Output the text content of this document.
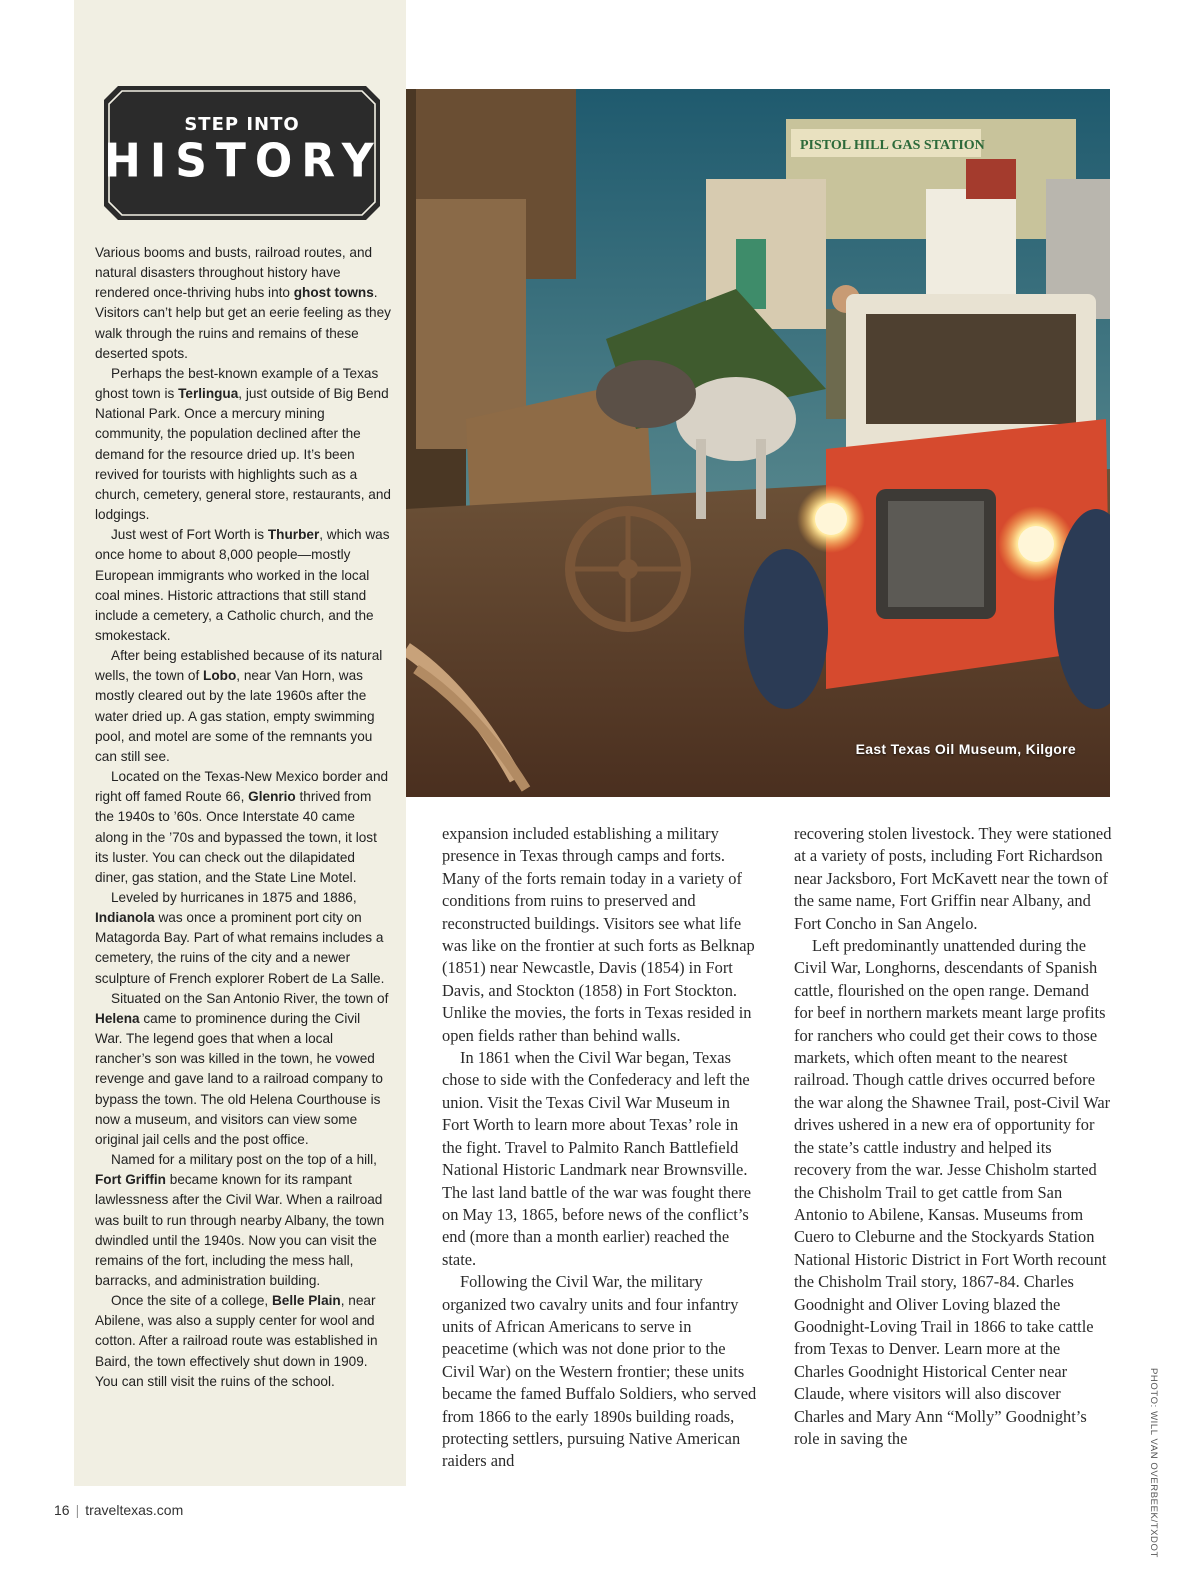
STEP INTO
HISTORY

Various booms and busts, railroad routes, and natural disasters throughout history have rendered once-thriving hubs into ghost towns. Visitors can’t help but get an eerie feeling as they walk through the ruins and remains of these deserted spots.

Perhaps the best-known example of a Texas ghost town is Terlingua, just outside of Big Bend National Park. Once a mercury mining community, the population declined after the demand for the resource dried up. It’s been revived for tourists with highlights such as a church, cemetery, general store, restaurants, and lodgings.

Just west of Fort Worth is Thurber, which was once home to about 8,000 people—mostly European immigrants who worked in the local coal mines. Historic attractions that still stand include a cemetery, a Catholic church, and the smokestack.

After being established because of its natural wells, the town of Lobo, near Van Horn, was mostly cleared out by the late 1960s after the water dried up. A gas station, empty swimming pool, and motel are some of the remnants you can still see.

Located on the Texas-New Mexico border and right off famed Route 66, Glenrio thrived from the 1940s to ’60s. Once Interstate 40 came along in the ’70s and bypassed the town, it lost its luster. You can check out the dilapidated diner, gas station, and the State Line Motel.

Leveled by hurricanes in 1875 and 1886, Indianola was once a prominent port city on Matagorda Bay. Part of what remains includes a cemetery, the ruins of the city and a newer sculpture of French explorer Robert de La Salle.

Situated on the San Antonio River, the town of Helena came to prominence during the Civil War. The legend goes that when a local rancher’s son was killed in the town, he vowed revenge and gave land to a railroad company to bypass the town. The old Helena Courthouse is now a museum, and visitors can view some original jail cells and the post office.

Named for a military post on the top of a hill, Fort Griffin became known for its rampant lawlessness after the Civil War. When a railroad was built to run through nearby Albany, the town dwindled until the 1940s. Now you can visit the remains of the fort, including the mess hall, barracks, and administration building.

Once the site of a college, Belle Plain, near Abilene, was also a supply center for wool and cotton. After a railroad route was established in Baird, the town effectively shut down in 1909. You can still visit the ruins of the school.

PISTOL HILL GAS STATION
East Texas Oil Museum, Kilgore

expansion included establishing a military presence in Texas through camps and forts. Many of the forts remain today in a variety of conditions from ruins to preserved and reconstructed buildings. Visitors see what life was like on the frontier at such forts as Belknap (1851) near Newcastle, Davis (1854) in Fort Davis, and Stockton (1858) in Fort Stockton. Unlike the movies, the forts in Texas resided in open fields rather than behind walls.

In 1861 when the Civil War began, Texas chose to side with the Confederacy and left the union. Visit the Texas Civil War Museum in Fort Worth to learn more about Texas’ role in the fight. Travel to Palmito Ranch Battlefield National Historic Landmark near Brownsville. The last land battle of the war was fought there on May 13, 1865, before news of the conflict’s end (more than a month earlier) reached the state.

Following the Civil War, the military organized two cavalry units and four infantry units of African Americans to serve in peacetime (which was not done prior to the Civil War) on the Western frontier; these units became the famed Buffalo Soldiers, who served from 1866 to the early 1890s building roads, protecting settlers, pursuing Native American raiders and

recovering stolen livestock. They were stationed at a variety of posts, including Fort Richardson near Jacksboro, Fort McKavett near the town of the same name, Fort Griffin near Albany, and Fort Concho in San Angelo.

Left predominantly unattended during the Civil War, Longhorns, descendants of Spanish cattle, flourished on the open range. Demand for beef in northern markets meant large profits for ranchers who could get their cows to those markets, which often meant to the nearest railroad. Though cattle drives occurred before the war along the Shawnee Trail, post-Civil War drives ushered in a new era of opportunity for the state’s cattle industry and helped its recovery from the war. Jesse Chisholm started the Chisholm Trail to get cattle from San Antonio to Abilene, Kansas. Museums from Cuero to Cleburne and the Stockyards Station National Historic District in Fort Worth recount the Chisholm Trail story, 1867-84. Charles Goodnight and Oliver Loving blazed the Goodnight-Loving Trail in 1866 to take cattle from Texas to Denver. Learn more at the Charles Goodnight Historical Center near Claude, where visitors will also discover Charles and Mary Ann “Molly” Goodnight’s role in saving the	PHOTO: WILL VAN OVERBEEK/TXDOT
16 | traveltexas.com
